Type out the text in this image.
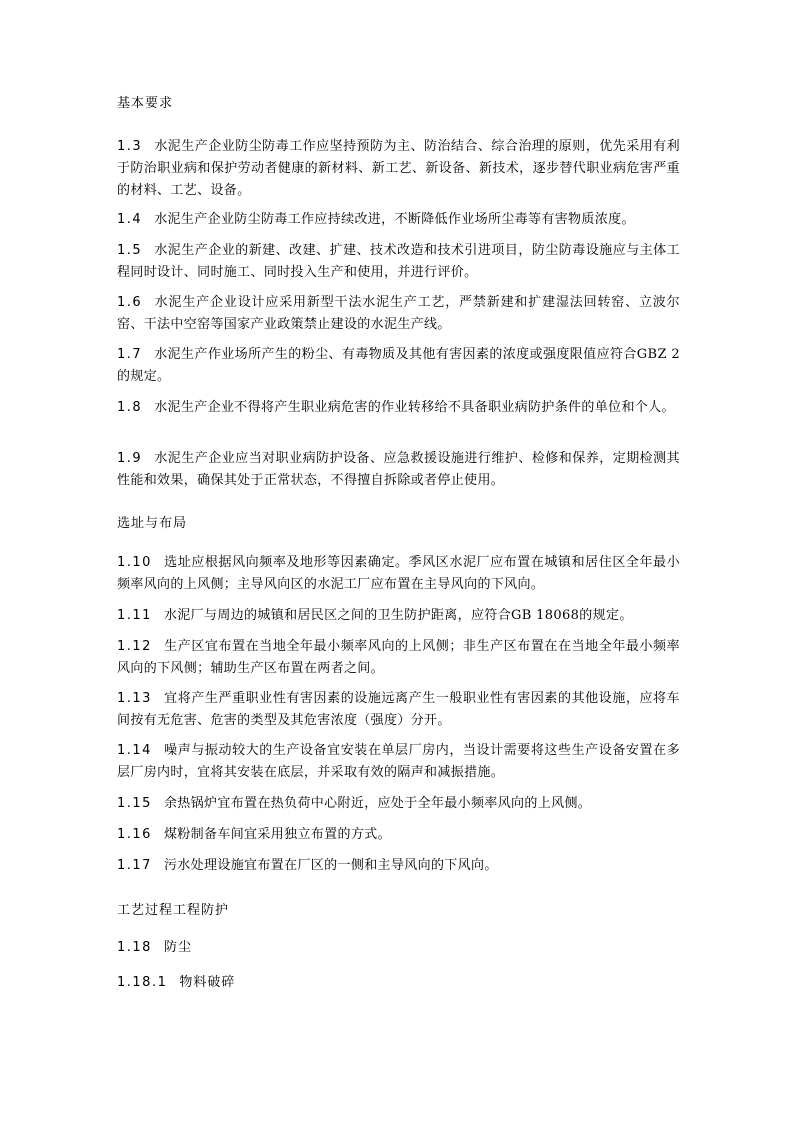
基本要求
1.3 水泥生产企业防尘防毒工作应坚持预防为主、防治结合、综合治理的原则，优先采用有利于防治职业病和保护劳动者健康的新材料、新工艺、新设备、新技术，逐步替代职业病危害严重的材料、工艺、设备。
1.4 水泥生产企业防尘防毒工作应持续改进，不断降低作业场所尘毒等有害物质浓度。
1.5 水泥生产企业的新建、改建、扩建、技术改造和技术引进项目，防尘防毒设施应与主体工程同时设计、同时施工、同时投入生产和使用，并进行评价。
1.6 水泥生产企业设计应采用新型干法水泥生产工艺，严禁新建和扩建湿法回转窑、立波尔窑、干法中空窑等国家产业政策禁止建设的水泥生产线。
1.7 水泥生产作业场所产生的粉尘、有毒物质及其他有害因素的浓度或强度限值应符合GBZ 2的规定。
1.8 水泥生产企业不得将产生职业病危害的作业转移给不具备职业病防护条件的单位和个人。
1.9 水泥生产企业应当对职业病防护设备、应急救援设施进行维护、检修和保养，定期检测其性能和效果，确保其处于正常状态，不得擅自拆除或者停止使用。
选址与布局
1.10 选址应根据风向频率及地形等因素确定。季风区水泥厂应布置在城镇和居住区全年最小频率风向的上风侧；主导风向区的水泥工厂应布置在主导风向的下风向。
1.11 水泥厂与周边的城镇和居民区之间的卫生防护距离，应符合GB 18068的规定。
1.12 生产区宜布置在当地全年最小频率风向的上风侧；非生产区布置在在当地全年最小频率风向的下风侧；辅助生产区布置在两者之间。
1.13 宜将产生严重职业性有害因素的设施远离产生一般职业性有害因素的其他设施，应将车间按有无危害、危害的类型及其危害浓度（强度）分开。
1.14 噪声与振动较大的生产设备宜安装在单层厂房内，当设计需要将这些生产设备安置在多层厂房内时，宜将其安装在底层，并采取有效的隔声和减振措施。
1.15 余热锅炉宜布置在热负荷中心附近，应处于全年最小频率风向的上风侧。
1.16 煤粉制备车间宜采用独立布置的方式。
1.17 污水处理设施宜布置在厂区的一侧和主导风向的下风向。
工艺过程工程防护
1.18 防尘
1.18.1 物料破碎
